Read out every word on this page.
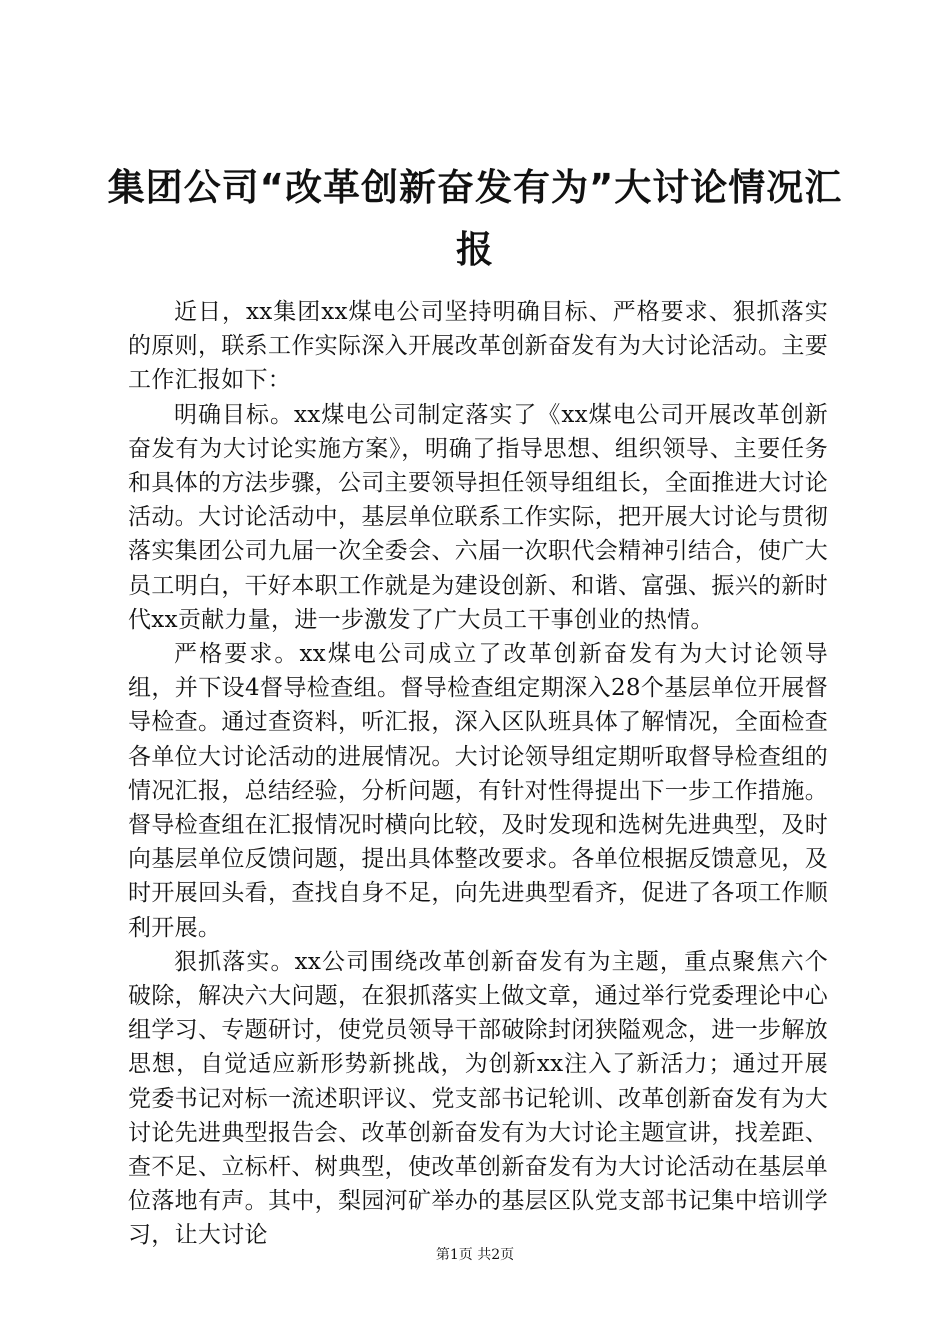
集团公司“改革创新奋发有为”大讨论情况汇
报

近日，xx集团xx煤电公司坚持明确目标、严格要求、狠抓落实的原则，联系工作实际深入开展改革创新奋发有为大讨论活动。主要工作汇报如下：

明确目标。xx煤电公司制定落实了《xx煤电公司开展改革创新奋发有为大讨论实施方案》，明确了指导思想、组织领导、主要任务和具体的方法步骤，公司主要领导担任领导组组长，全面推进大讨论活动。大讨论活动中，基层单位联系工作实际，把开展大讨论与贯彻落实集团公司九届一次全委会、六届一次职代会精神引结合，使广大员工明白，干好本职工作就是为建设创新、和谐、富强、振兴的新时代xx贡献力量，进一步激发了广大员工干事创业的热情。

严格要求。xx煤电公司成立了改革创新奋发有为大讨论领导组，并下设4督导检查组。督导检查组定期深入28个基层单位开展督导检查。通过查资料，听汇报，深入区队班具体了解情况，全面检查各单位大讨论活动的进展情况。大讨论领导组定期听取督导检查组的情况汇报，总结经验，分析问题，有针对性得提出下一步工作措施。督导检查组在汇报情况时横向比较，及时发现和选树先进典型，及时向基层单位反馈问题，提出具体整改要求。各单位根据反馈意见，及时开展回头看，查找自身不足，向先进典型看齐，促进了各项工作顺利开展。

狠抓落实。xx公司围绕改革创新奋发有为主题，重点聚焦六个破除，解决六大问题，在狠抓落实上做文章，通过举行党委理论中心组学习、专题研讨，使党员领导干部破除封闭狭隘观念，进一步解放思想，自觉适应新形势新挑战，为创新xx注入了新活力；通过开展党委书记对标一流述职评议、党支部书记轮训、改革创新奋发有为大讨论先进典型报告会、改革创新奋发有为大讨论主题宣讲，找差距、查不足、立标杆、树典型，使改革创新奋发有为大讨论活动在基层单位落地有声。其中，梨园河矿举办的基层区队党支部书记集中培训学习，让大讨论

第1页 共2页
